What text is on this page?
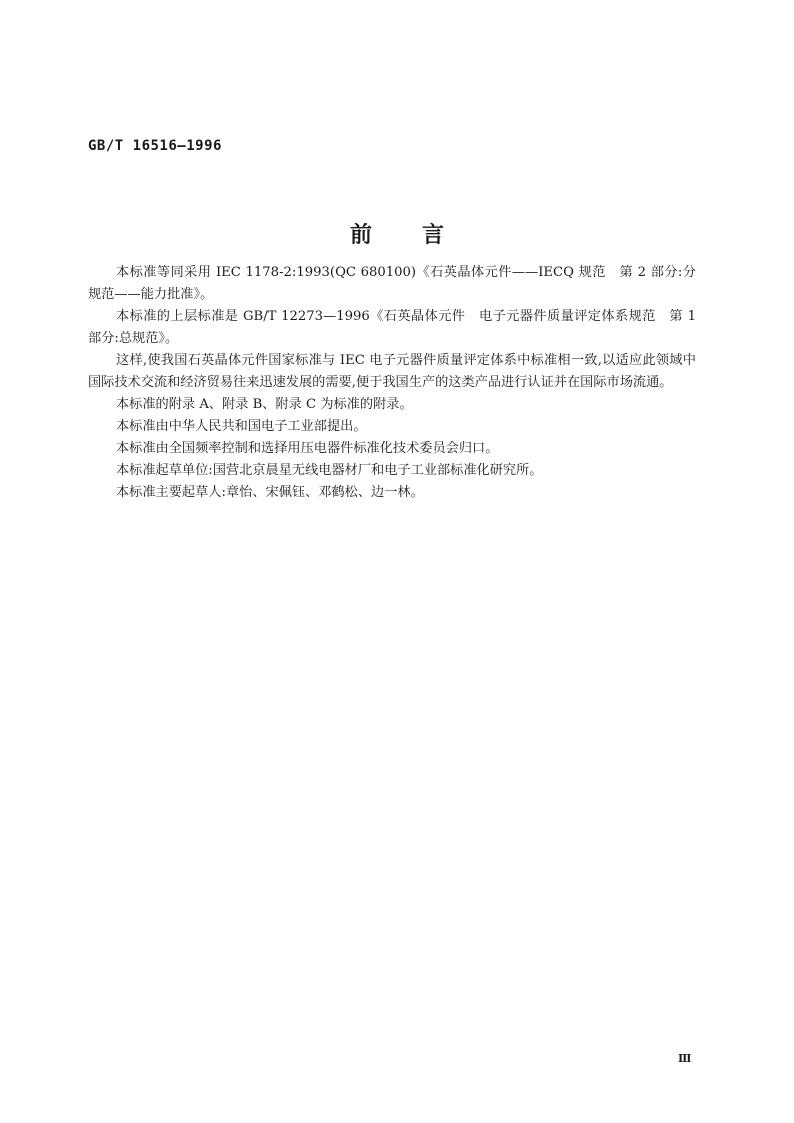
GB/T 16516—1996
前 言

本标准等同采用 IEC 1178-2:1993(QC 680100)《石英晶体元件——IECQ 规范　第 2 部分:分规范——能力批准》。

本标准的上层标准是 GB/T 12273—1996《石英晶体元件　电子元器件质量评定体系规范　第 1 部分:总规范》。

这样,使我国石英晶体元件国家标准与 IEC 电子元器件质量评定体系中标准相一致,以适应此领域中国际技术交流和经济贸易往来迅速发展的需要,便于我国生产的这类产品进行认证并在国际市场流通。

本标准的附录 A、附录 B、附录 C 为标准的附录。

本标准由中华人民共和国电子工业部提出。

本标准由全国频率控制和选择用压电器件标准化技术委员会归口。

本标准起草单位:国营北京晨星无线电器材厂和电子工业部标准化研究所。

本标准主要起草人:章怡、宋佩钰、邓鹤松、边一林。

Ⅲ
